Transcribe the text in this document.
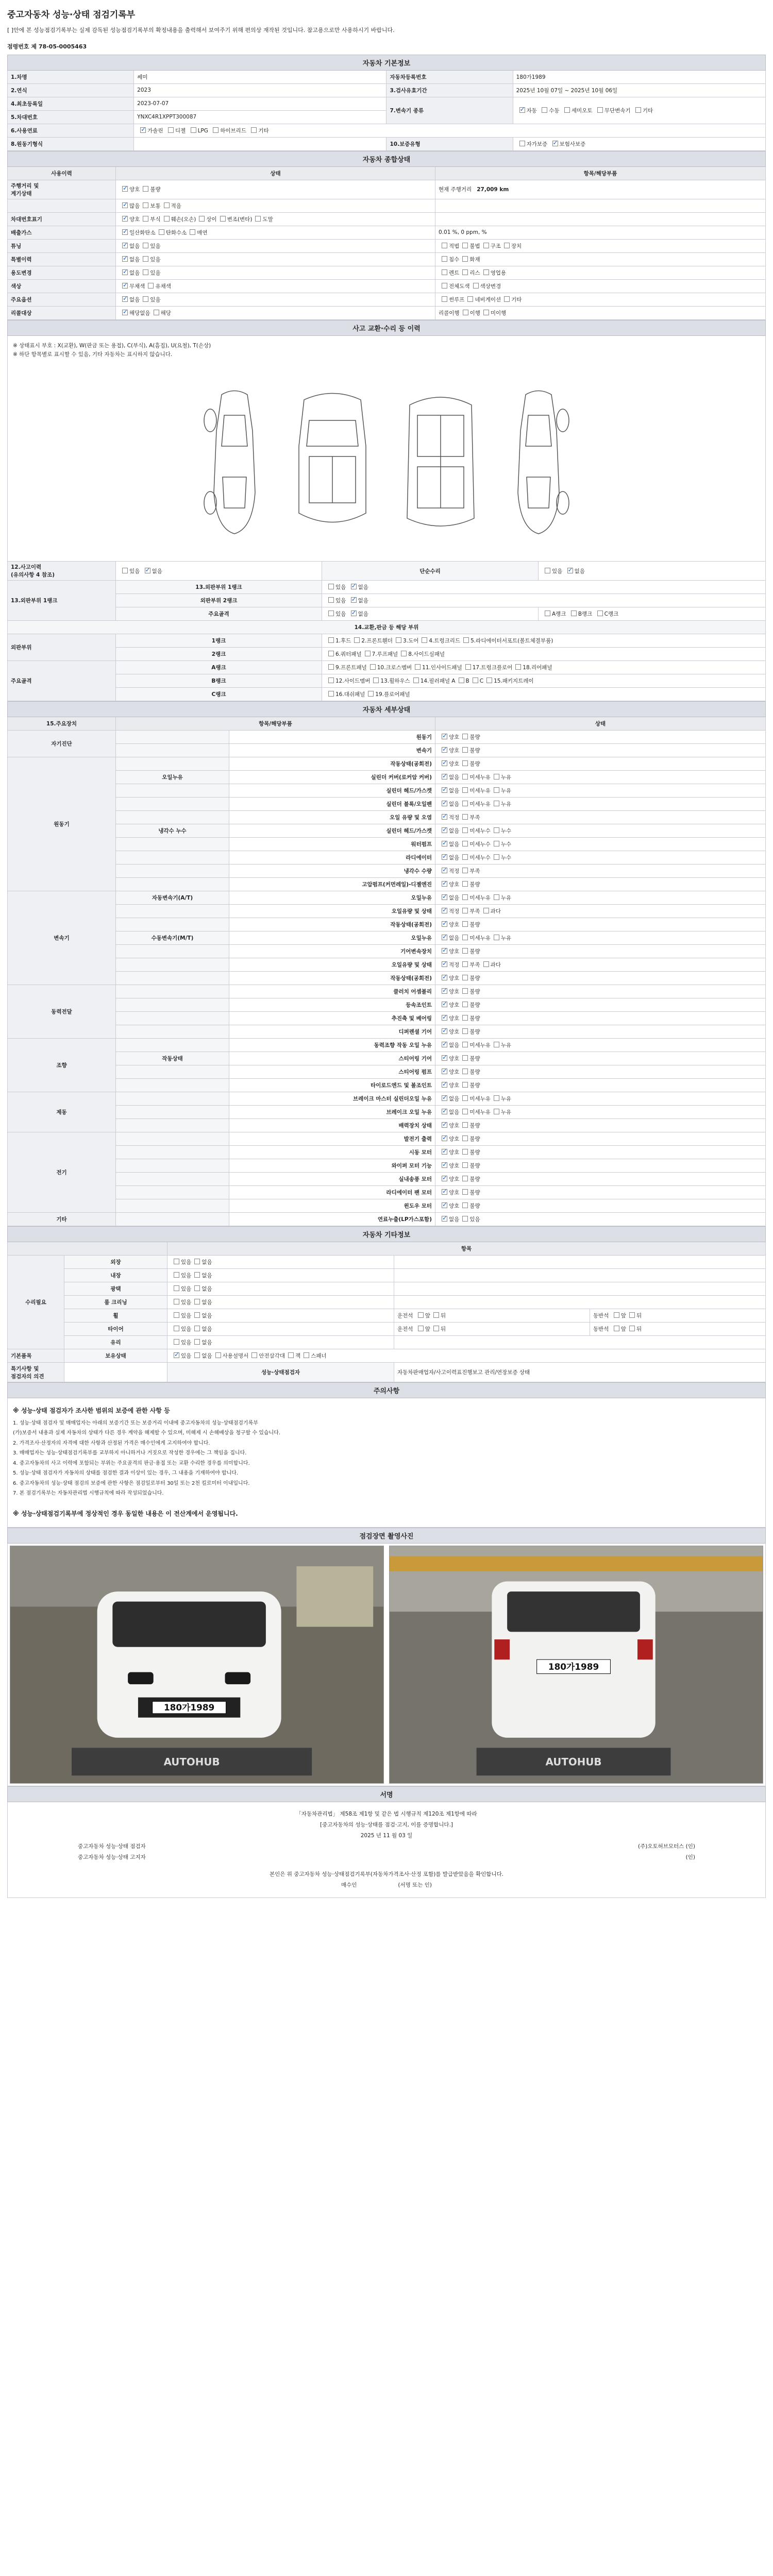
중고자동차 성능·상태 점검기록부
[ ]안에 본 성능점검기록부는 실제 감독된 성능점검기록부의 확정내용을 출력해서 보여주기 위해 편의상 재작된 것입니다. 참고용으로만 사용하시기 바랍니다.
점령번호 제 78-05-0005463
자동차 기본정보			
1.차명	쎄미	자동차등록번호	180가1989
2.연식	2023	3.검사유효기간	2025년 10월 07일 ~ 2025년 10월 06일
4.최초등록일	2023-07-07	7.변속기 종류	✓자동 수동 세미오토 무단변속기 기타
5.차대번호	YNXC4R1XPPT300087		
6.사용연료	✓가솔린 디젤 LPG 하이브리드 기타
8.원동기형식		10.보증유형	자가보증 ✓ 보험사보증
자동차 종합상태		
사용이력	상태	항목/해당부품
주행거리 및
계기상태	✓양호 불량	현재 주행거리   27,009 km
	✓많음 보통 적음	
차대번호표기	✓양호 부식 훼손(오손) 상이 변조(변타) 도말	
배출가스	✓일산화탄소 탄화수소 매연	0.01 %, 0 ppm, %
튜닝	✓없음 있음	적법 불법 구조 장치
특별이력	✓없음 있음	침수 화재
용도변경	✓없음 있음	렌트 리스 영업용
색상	✓무채색 유채색	전체도색 색상변경
주요옵션	✓없음 있음	썬루프 네비게이션 기타
리콜대상	✓해당없음 해당	리콜이행 이행 미이행
사고 교환·수리 등 이력

※ 상태표시 부호 : X(교환), W(판금 또는 용접), C(부식), A(흠집), U(요철), T(손상)
※ 하단 항목별로 표시할 수 있음, 기타 자동차는 표시하지 않습니다.
12.사고이력
(유의사항 4 참조)	있음 ✓ 없음	단순수리	있음 ✓ 없음
13.외판부위 1랭크	13.외판부위 1랭크	있음 ✓ 없음
	외판부위 2랭크	있음 ✓ 없음
	주요골격	있음 ✓ 없음	A랭크 B랭크 C랭크
14.교환,판금 등 해당 부위			
외판부위	1랭크	1.후드 2.프론트휀더 3.도어 4.트렁크리드 5.라디에이터서포트(볼트체결부품)	
	2랭크	6.쿼터패널 7.루프패널 8.사이드실패널	
주요골격	A랭크	9.프론트패널 10.크로스멤버 11.인사이드패널 17.트렁크플로어 18.리어패널	
	B랭크	12.사이드멤버 13.휠하우스 14.필러패널 A B C 15.패키지트레이	
	C랭크	16.대쉬패널 19.플로어패널	
자동차 세부상태			
15.주요장치	항목/해당부품		상태
자기진단		원동기	✓양호 불량
		변속기	✓양호 불량
원동기		작동상태(공회전)	✓양호 불량
	오일누유	실린더 커버(로커암 커버)	✓없음 미세누유 누유
		실린더 헤드/가스켓	✓없음 미세누유 누유
		실린더 블록/오일팬	✓없음 미세누유 누유
		오일 유량 및 오염	✓적정 부족
	냉각수 누수	실린더 헤드/가스켓	✓없음 미세누수 누수
		워터펌프	✓없음 미세누수 누수
		라디에이터	✓없음 미세누수 누수
		냉각수 수량	✓적정 부족
		고압펌프(커먼레일)-디젤엔진	✓양호 불량
변속기	자동변속기(A/T)	오일누유	✓없음 미세누유 누유
		오일유량 및 상태	✓적정 부족 과다
		작동상태(공회전)	✓양호 불량
	수동변속기(M/T)	오일누유	✓없음 미세누유 누유
		기어변속장치	✓양호 불량
		오일유량 및 상태	✓적정 부족 과다
		작동상태(공회전)	✓양호 불량
동력전달		클러치 어셈블리	✓양호 불량
		등속조인트	✓양호 불량
		추진축 및 베어링	✓양호 불량
		디퍼렌셜 기어	✓양호 불량
조향		동력조향 작동 오일 누유	✓없음 미세누유 누유
	작동상태	스티어링 기어	✓양호 불량
		스티어링 펌프	✓양호 불량
		타이로드엔드 및 볼조인트	✓양호 불량
제동		브레이크 마스터 실린더오일 누유	✓없음 미세누유 누유
		브레이크 오일 누유	✓없음 미세누유 누유
		배력장치 상태	✓양호 불량
전기		발전기 출력	✓양호 불량
		시동 모터	✓양호 불량
		와이퍼 모터 기능	✓양호 불량
		실내송풍 모터	✓양호 불량
		라디에이터 팬 모터	✓양호 불량
		윈도우 모터	✓양호 불량
기타		연료누출(LP가스포함)	✓없음 있음
자동차 기타정보				
		항목		
수리필요	외장	있음 없음		
	내장	있음 없음		
	광택	있음 없음		
	룸 크리닝	있음 없음		
	휠	있음 없음	운전석 앞 뒤	동반석 앞 뒤
	타이어	있음 없음	운전석 앞 뒤	동반석 앞 뒤
	유리	있음 없음		
기본품목	보유상태	✓있음 없음 사용설명서 안전삼각대 잭 스패너
특기사항 및
점검자의 의견		성능·상태점검자	자동차판매업자/사고이력표진행보고 관리/연장보증 상태	
주의사항

※ 성능·상태 점검자가 조사한 범위의 보증에 관한 사항 등

1. 성능·상태 점검자 및 매매업자는 아래의 보증기간 또는 보증거리 이내에 중고자동차의 성능·상태점검기록부

(가)보증서 내용과 실제 자동차의 상태가 다른 경우 계약을 해제할 수 있으며, 미해제 시 손해배상을 청구할 수 있습니다.

2. 가격조사·산정자의 자격에 대한 사항과 산정된 가격은 매수인에게 고지하여야 합니다.

3. 매매업자는 성능·상태점검기록부를 교부하지 아니하거나 거짓으로 작성한 경우에는 그 책임을 집니다.

4. 중고자동차의 사고 이력에 포함되는 부위는 주요골격의 판금·용접 또는 교환 수리한 경우를 의미합니다.

5. 성능·상태 점검자가 자동차의 상태를 점검한 결과 이상이 있는 경우, 그 내용을 기재하여야 합니다.

6. 중고자동차의 성능·상태 점검의 보증에 관한 사항은 점검일로부터 30일 또는 2천 킬로미터 이내입니다.

7. 본 점검기록부는 자동차관리법 시행규칙에 따라 작성되었습니다.

※ 성능·상태점검기록부에 정상적인 경우 동일한 내용은 이 전산계에서 운영됩니다.
점검장면 촬영사진

180가1989
AUTOHUB
180가1989
AUTOHUB
서명

「자동차관리법」 제58조 제1항 및 같은 법 시행규칙 제120조 제1항에 따라
[중고자동차의 성능·상태를 점검·고지, 이를 증명합니다.]
2025 년 11 월 03 일
중고자동차 성능·상태 점검자	(주)오토허브모터스 (인)
중고자동차 성능·상태 고지자	(인)
본인은 위 중고자동차 성능·상태점검기록부(자동차가격조사·산정 포함)를 발급받았음을 확인합니다.
매수인	(서명 또는 인)
